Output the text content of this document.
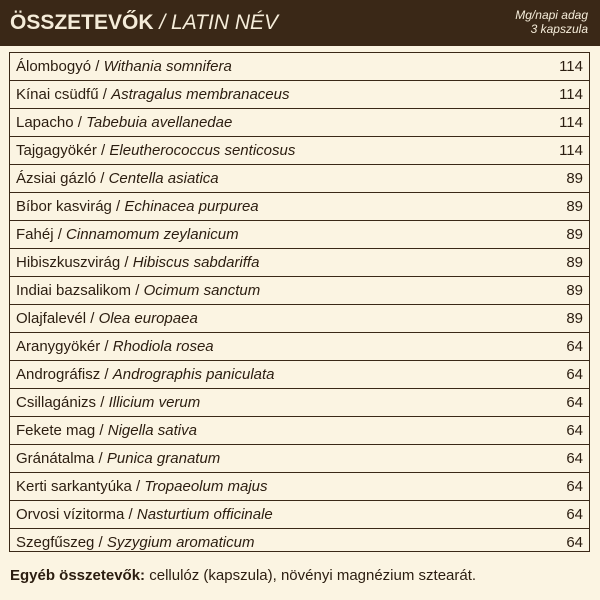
ÖSSZETEVŐK / LATIN NÉV	Mg/napi adag
3 kapszula
Álombogyó / Withania somnifera	114
Kínai csüdfű / Astragalus membranaceus	114
Lapacho / Tabebuia avellanedae	114
Tajgagyökér / Eleutherococcus senticosus	114
Ázsiai gázló / Centella asiatica	89
Bíbor kasvirág / Echinacea purpurea	89
Fahéj / Cinnamomum zeylanicum	89
Hibiszkuszvirág / Hibiscus sabdariffa	89
Indiai bazsalikom / Ocimum sanctum	89
Olajfalevél / Olea europaea	89
Aranygyökér / Rhodiola rosea	64
Andrográfisz / Andrographis paniculata	64
Csillagánizs / Illicium verum	64
Fekete mag / Nigella sativa	64
Gránátalma / Punica granatum	64
Kerti sarkantyúka / Tropaeolum majus	64
Orvosi vízitorma / Nasturtium officinale	64
Szegfűszeg / Syzygium aromaticum	64
Egyéb összetevők: cellulóz (kapszula), növényi magnézium sztearát.
